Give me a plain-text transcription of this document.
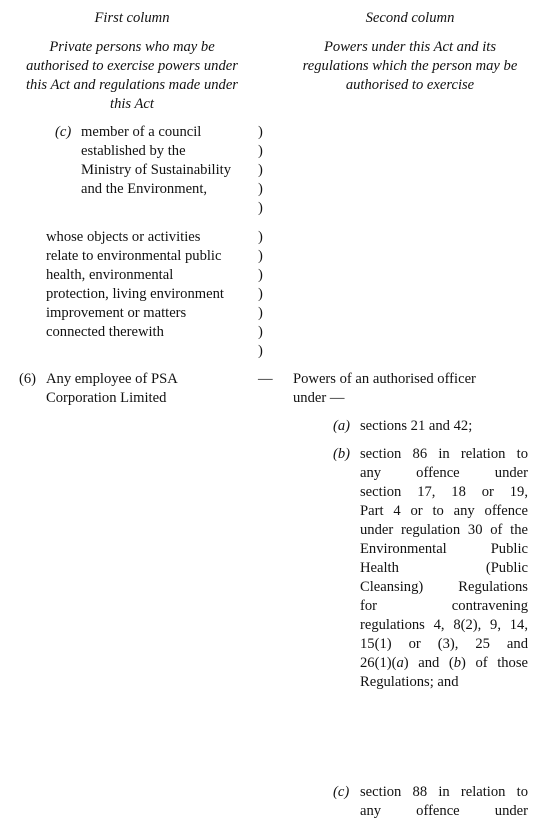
First column	Second column
Private persons who may be
authorised to exercise powers under
this Act and regulations made under
this Act
Powers under this Act and its
regulations which the person may be
authorised to exercise
(c) member of a council
established by the
Ministry of Sustainability
and the Environment,
whose objects or activities
relate to environmental public
health, environmental
protection, living environment
improvement or matters
connected therewith
)
)
)
)
)
)
)
)
)
)
)
)
(6) Any employee of PSA
Corporation Limited
— Powers of an authorised officer
under —
(a) sections 21 and 42;
(b) section 86 in relation to
any offence under
section 17, 18 or 19,
Part 4 or to any offence
under regulation 30 of the
Environmental Public
Health (Public
Cleansing) Regulations
for contravening
regulations 4, 8(2), 9, 14,
15(1) or (3), 25 and
26(1)(a) and (b) of those
Regulations; and
(c) section 88 in relation to
any offence under
